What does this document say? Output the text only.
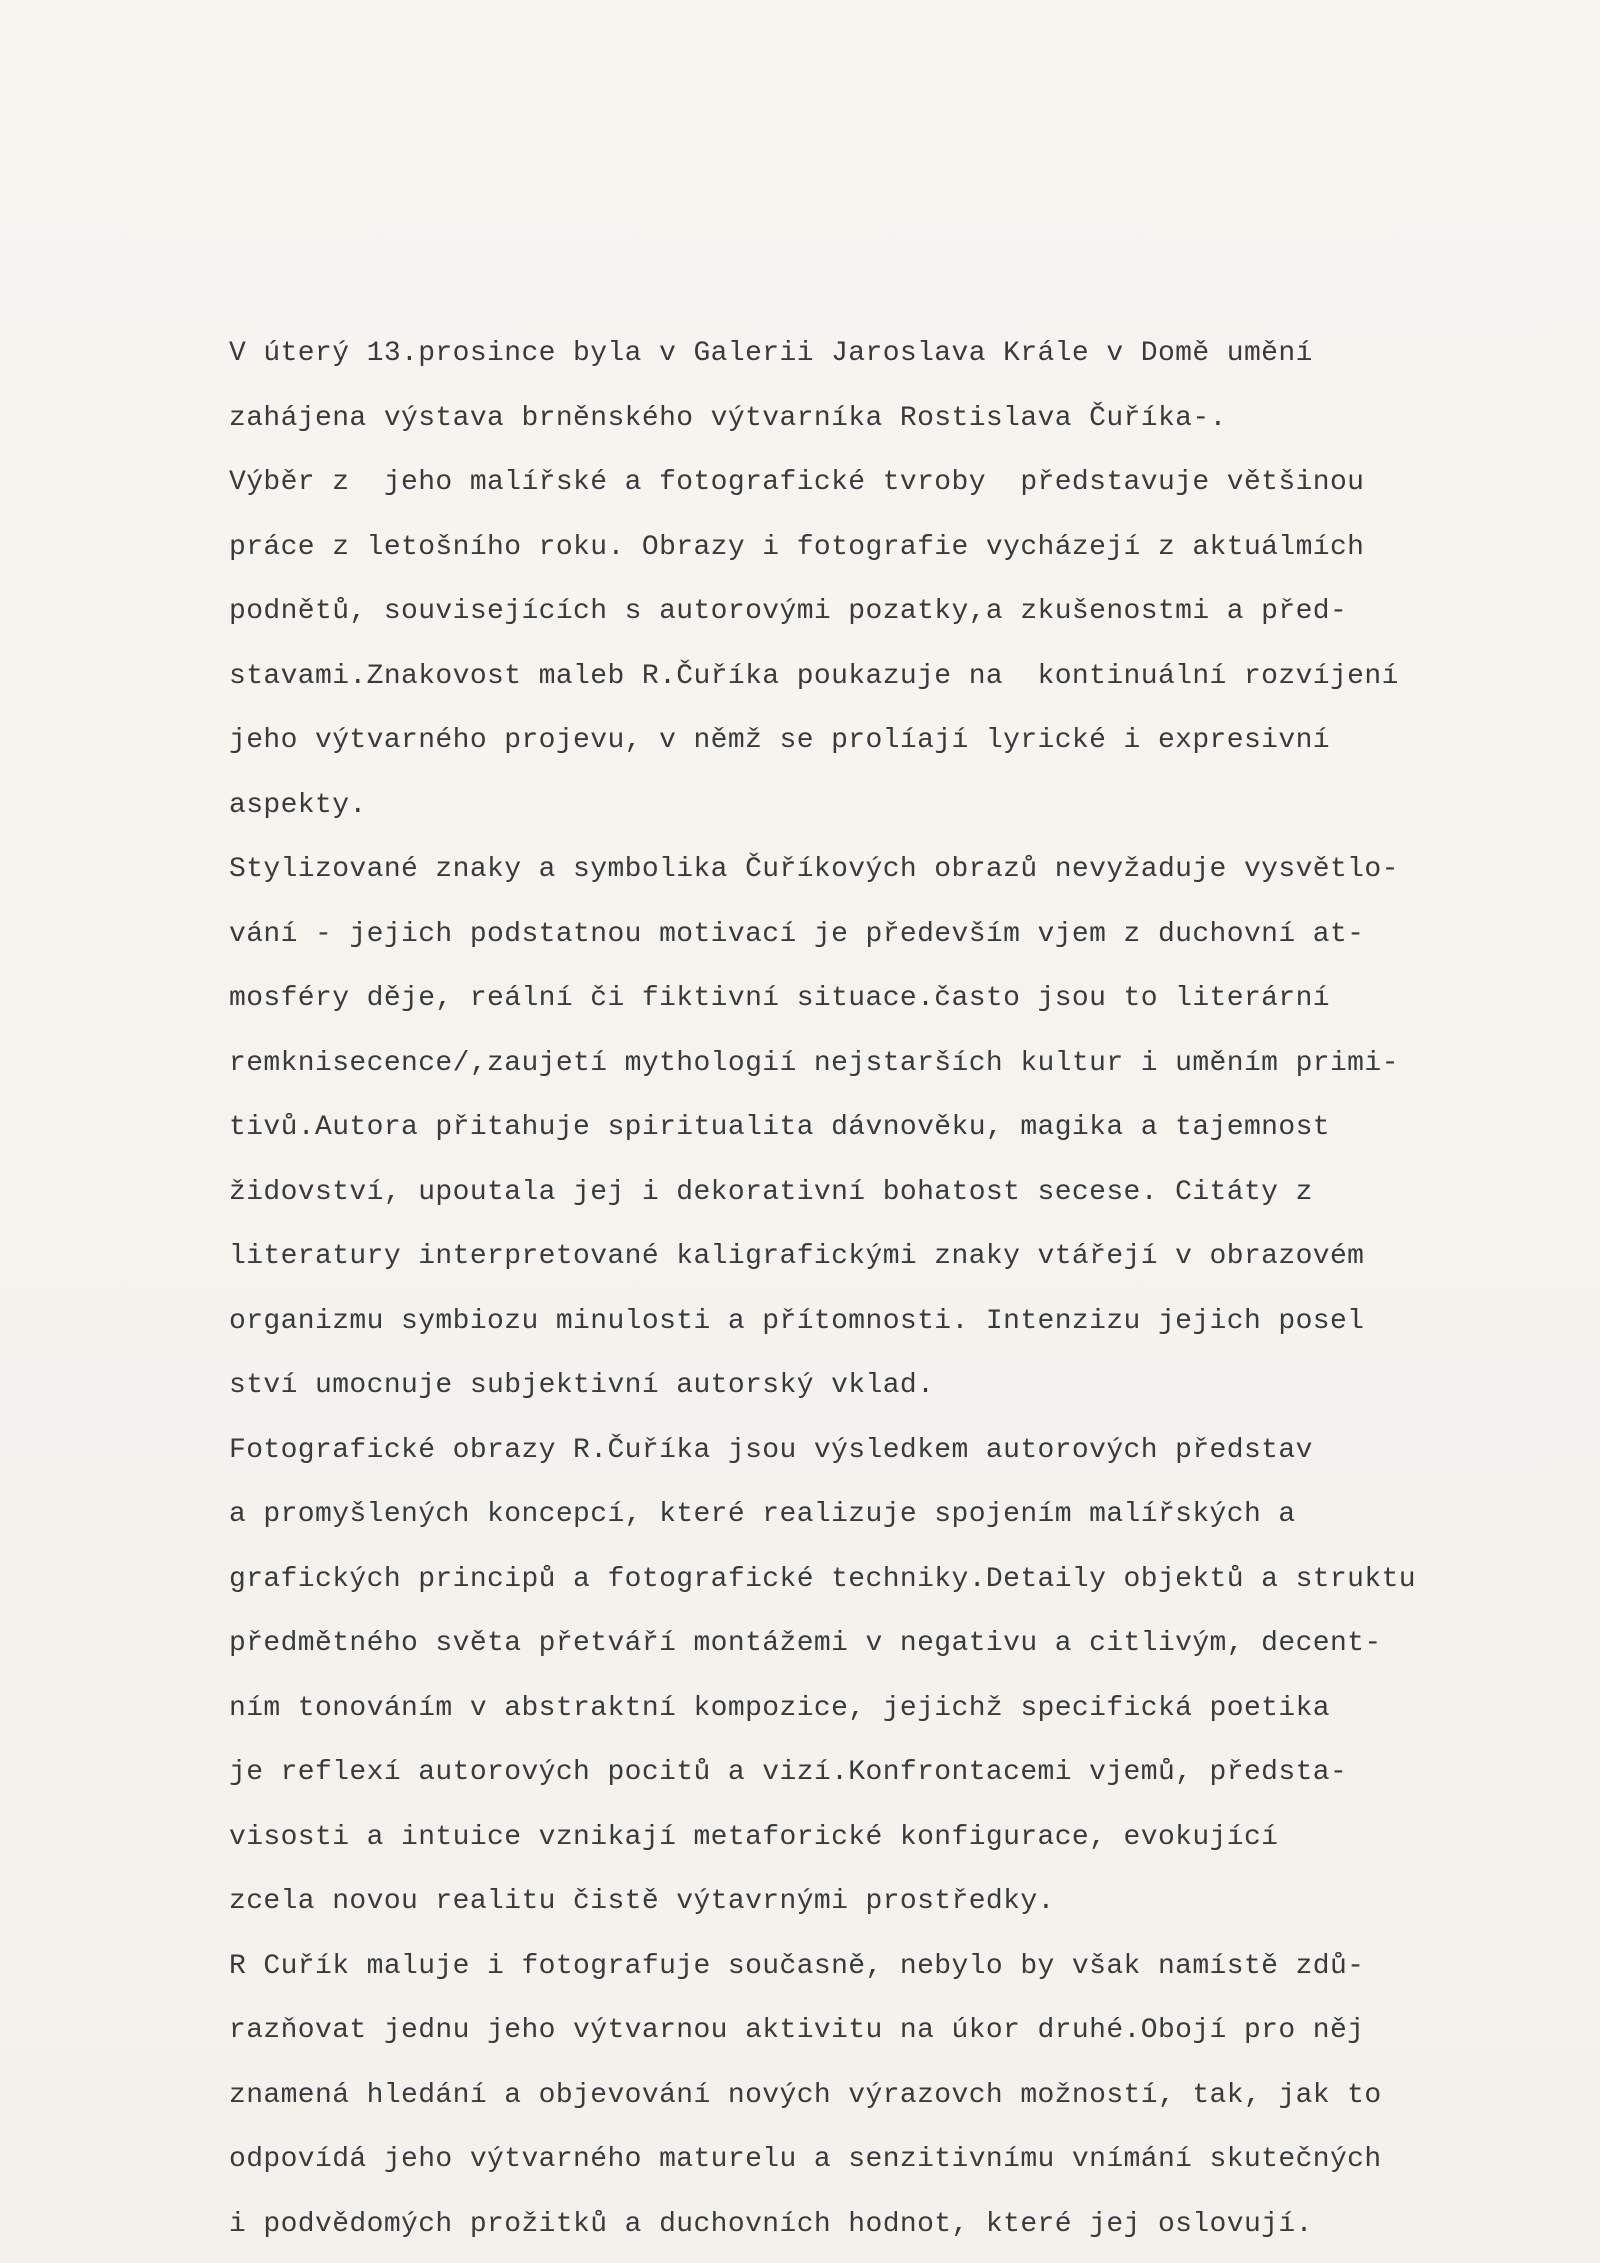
V úterý 13.prosince byla v Galerii Jaroslava Krále v Domě umění
zahájena výstava brněnského výtvarníka Rostislava Čuříka-.
Výběr z  jeho malířské a fotografické tvroby  představuje většinou
práce z letošního roku. Obrazy i fotografie vycházejí z aktuálmích
podnětů, souvisejících s autorovými pozatky,a zkušenostmi a před-
stavami.Znakovost maleb R.Čuříka poukazuje na  kontinuální rozvíjení
jeho výtvarného projevu, v němž se prolíají lyrické i expresivní
aspekty.
Stylizované znaky a symbolika Čuříkových obrazů nevyžaduje vysvětlo-
vání - jejich podstatnou motivací je především vjem z duchovní at-
mosféry děje, reální či fiktivní situace.často jsou to literární
remknisecence/,zaujetí mythologií nejstarších kultur i uměním primi-
tivů.Autora přitahuje spiritualita dávnověku, magika a tajemnost
židovství, upoutala jej i dekorativní bohatost secese. Citáty z
literatury interpretované kaligrafickými znaky vtářejí v obrazovém
organizmu symbiozu minulosti a přítomnosti. Intenzizu jejich posel
ství umocnuje subjektivní autorský vklad.
Fotografické obrazy R.Čuříka jsou výsledkem autorových představ
a promyšlených koncepcí, které realizuje spojením malířských a
grafických principů a fotografické techniky.Detaily objektů a struktu
předmětného světa přetváří montážemi v negativu a citlivým, decent-
ním tonováním v abstraktní kompozice, jejichž specifická poetika
je reflexí autorových pocitů a vizí.Konfrontacemi vjemů, předsta-
visosti a intuice vznikají metaforické konfigurace, evokující
zcela novou realitu čistě výtavrnými prostředky.
R Cuřík maluje i fotografuje současně, nebylo by však namístě zdů-
razňovat jednu jeho výtvarnou aktivitu na úkor druhé.Obojí pro něj
znamená hledání a objevování nových výrazovch možností, tak, jak to
odpovídá jeho výtvarného maturelu a senzitivnímu vnímání skutečných
i podvědomých prožitků a duchovních hodnot, které jej oslovují.
